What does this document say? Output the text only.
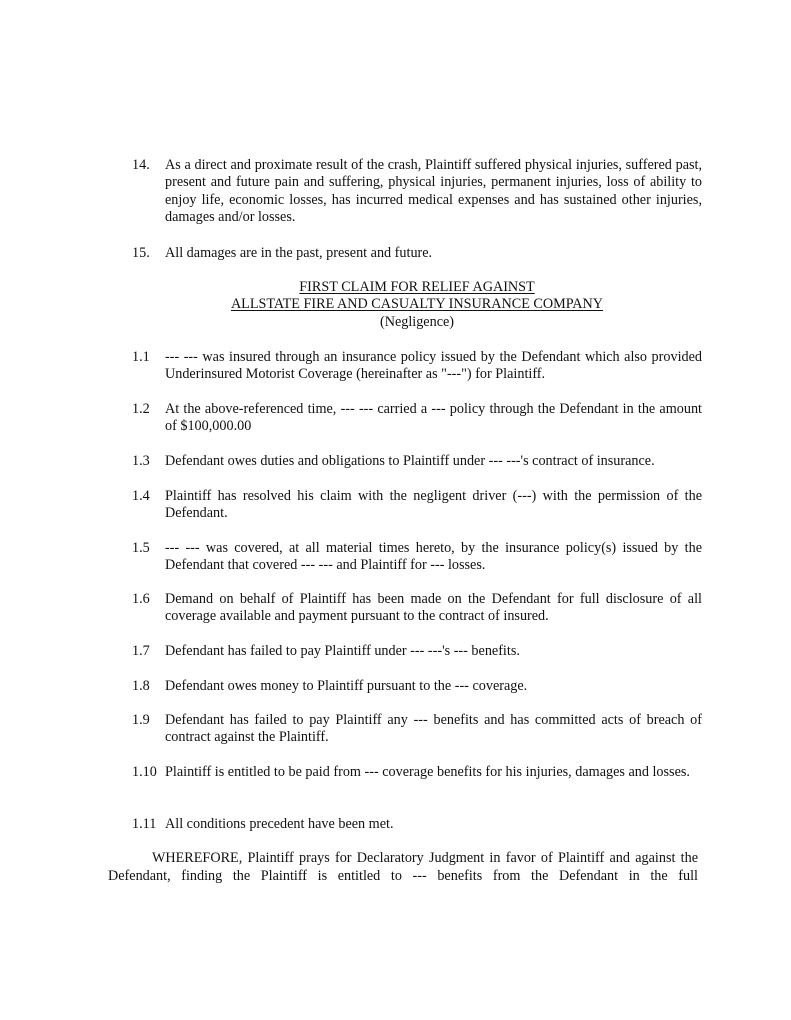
14. As a direct and proximate result of the crash, Plaintiff suffered physical injuries, suffered past, present and future pain and suffering, physical injuries, permanent injuries, loss of ability to enjoy life, economic losses, has incurred medical expenses and has sustained other injuries, damages and/or losses.
15. All damages are in the past, present and future.
FIRST CLAIM FOR RELIEF AGAINST
ALLSTATE FIRE AND CASUALTY INSURANCE COMPANY
(Negligence)
1.1 --- --- was insured through an insurance policy issued by the Defendant which also provided Underinsured Motorist Coverage (hereinafter as "---") for Plaintiff.
1.2 At the above-referenced time, --- --- carried a --- policy through the Defendant in the amount of $100,000.00
1.3 Defendant owes duties and obligations to Plaintiff under --- ---'s contract of insurance.
1.4 Plaintiff has resolved his claim with the negligent driver (---) with the permission of the Defendant.
1.5 --- --- was covered, at all material times hereto, by the insurance policy(s) issued by the Defendant that covered --- --- and Plaintiff for --- losses.
1.6 Demand on behalf of Plaintiff has been made on the Defendant for full disclosure of all coverage available and payment pursuant to the contract of insured.
1.7 Defendant has failed to pay Plaintiff under --- ---'s --- benefits.
1.8 Defendant owes money to Plaintiff pursuant to the --- coverage.
1.9 Defendant has failed to pay Plaintiff any --- benefits and has committed acts of breach of contract against the Plaintiff.
1.10 Plaintiff is entitled to be paid from --- coverage benefits for his injuries, damages and losses.
1.11 All conditions precedent have been met.
WHEREFORE, Plaintiff prays for Declaratory Judgment in favor of Plaintiff and against the Defendant, finding the Plaintiff is entitled to --- benefits from the Defendant in the full
